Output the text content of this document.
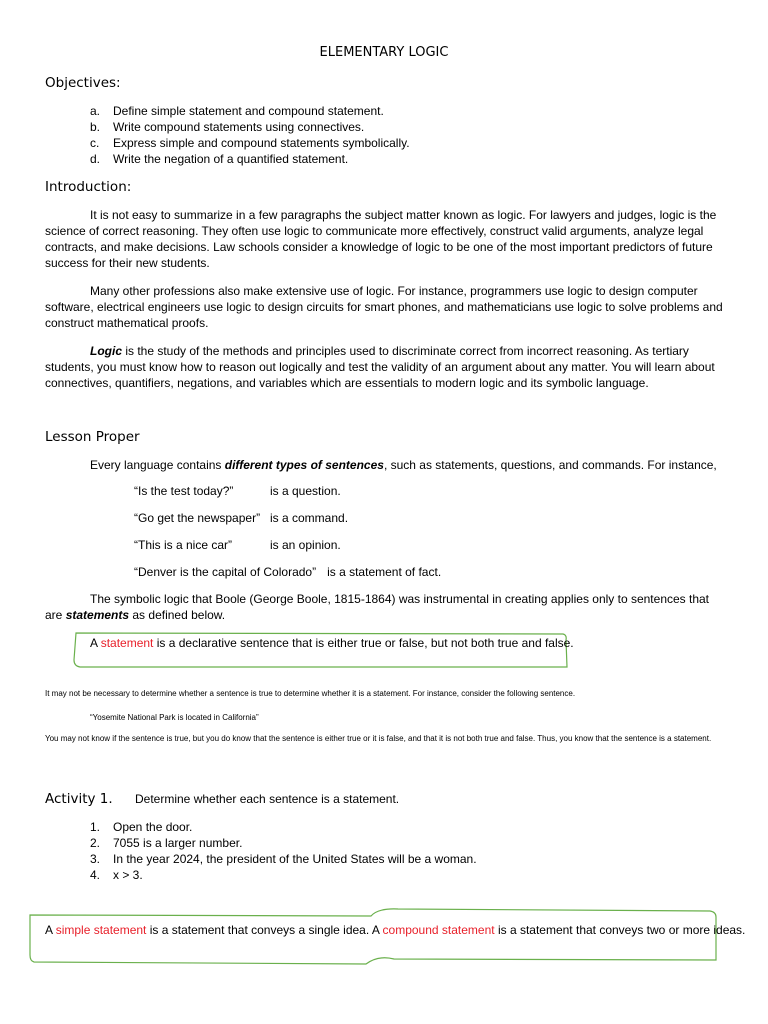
ELEMENTARY LOGIC
Objectives:
a. Define simple statement and compound statement.
b. Write compound statements using connectives.
c. Express simple and compound statements symbolically.
d. Write the negation of a quantified statement.
Introduction:
It is not easy to summarize in a few paragraphs the subject matter known as logic. For lawyers and judges, logic is the science of correct reasoning. They often use logic to communicate more effectively, construct valid arguments, analyze legal contracts, and make decisions. Law schools consider a knowledge of logic to be one of the most important predictors of future success for their new students.
Many other professions also make extensive use of logic. For instance, programmers use logic to design computer software, electrical engineers use logic to design circuits for smart phones, and mathematicians use logic to solve problems and construct mathematical proofs.
Logic is the study of the methods and principles used to discriminate correct from incorrect reasoning. As tertiary students, you must know how to reason out logically and test the validity of an argument about any matter. You will learn about connectives, quantifiers, negations, and variables which are essentials to modern logic and its symbolic language.
Lesson Proper
Every language contains different types of sentences, such as statements, questions, and commands. For instance,
“Is the test today?”	is a question.
“Go get the newspaper” is a command.
“This is a nice car”	is an opinion.
“Denver is the capital of Colorado” is a statement of fact.
The symbolic logic that Boole (George Boole, 1815-1864) was instrumental in creating applies only to sentences that are statements as defined below.
A statement is a declarative sentence that is either true or false, but not both true and false.
It may not be necessary to determine whether a sentence is true to determine whether it is a statement. For instance, consider the following sentence.
“Yosemite National Park is located in California”
You may not know if the sentence is true, but you do know that the sentence is either true or it is false, and that it is not both true and false. Thus, you know that the sentence is a statement.
Activity 1. Determine whether each sentence is a statement.
1. Open the door.
2. 7055 is a larger number.
3. In the year 2024, the president of the United States will be a woman.
4. x > 3.
A simple statement is a statement that conveys a single idea. A compound statement is a statement that conveys two or more ideas.
